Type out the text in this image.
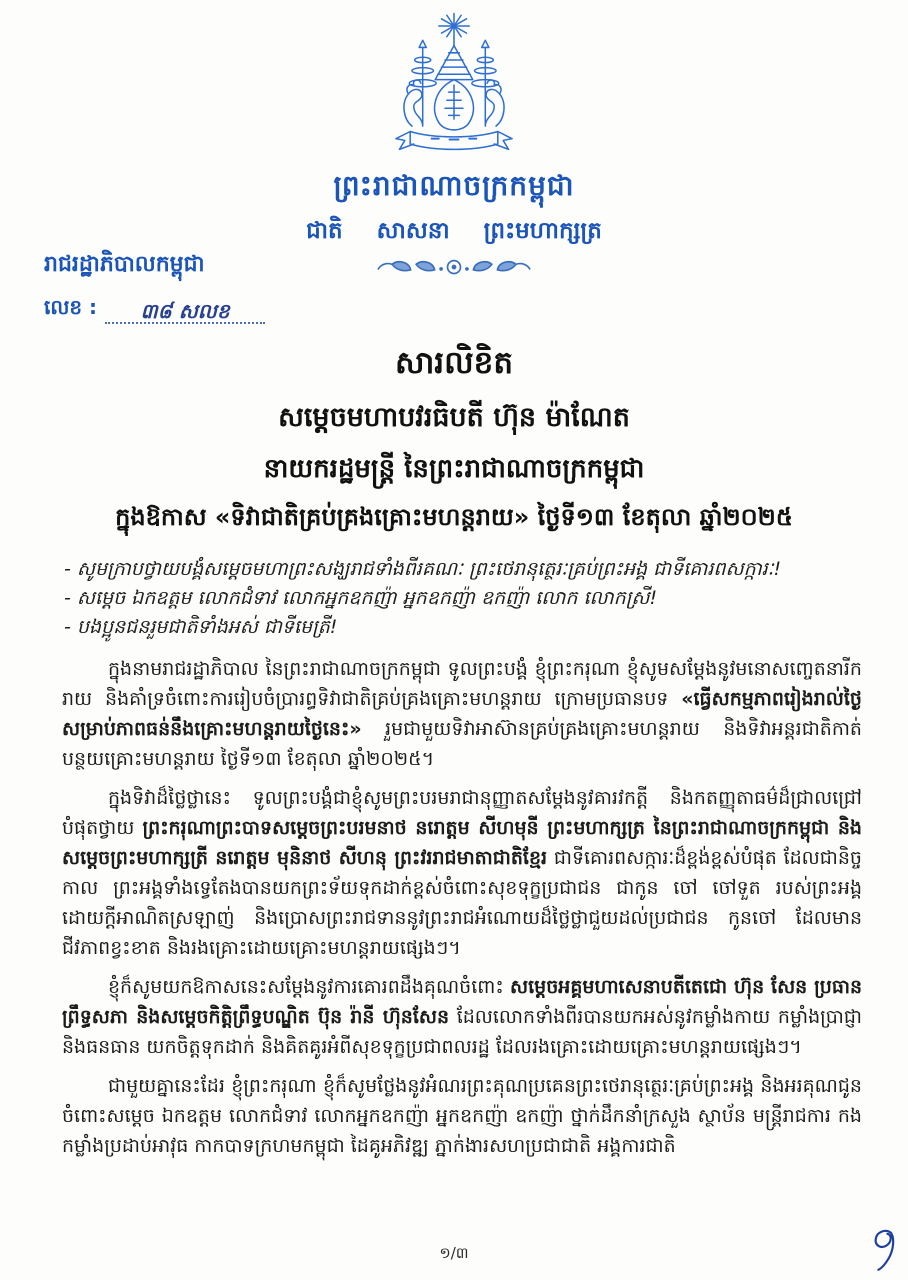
ព្រះរាជាណាចក្រកម្ពុជា
ជាតិ សាសនា ព្រះមហាក្សត្រ
រាជរដ្ឋាភិបាលកម្ពុជា
លេខ :	៣៨ សលខ
សារលិខិត
សម្តេចមហាបវរធិបតី ហ៊ុន ម៉ាណែត
នាយករដ្ឋមន្ត្រី នៃព្រះរាជាណាចក្រកម្ពុជា
ក្នុងឱកាស «ទិវាជាតិគ្រប់គ្រងគ្រោះមហន្តរាយ» ថ្ងៃទី១៣ ខែតុលា ឆ្នាំ២០២៥
- សូមក្រាបថ្វាយបង្គំសម្តេចមហាព្រះសង្ឃរាជទាំងពីរគណៈ ព្រះថេរានុត្ថេរៈគ្រប់ព្រះអង្គ ជាទីគោរពសក្ការៈ!
- សម្តេច ឯកឧត្តម លោកជំទាវ លោកអ្នកឧកញ៉ា អ្នកឧកញ៉ា ឧកញ៉ា លោក លោកស្រី!
- បងប្អូនជនរួមជាតិទាំងអស់ ជាទីមេត្រី!

ក្នុងនាមរាជរដ្ឋាភិបាល នៃព្រះរាជាណាចក្រកម្ពុជា ទូលព្រះបង្គំ ខ្ញុំព្រះករុណា ខ្ញុំសូមសម្តែងនូវមនោសញ្ចេតនារីករាយ និងគាំទ្រចំពោះការរៀបចំប្រារព្ធទិវាជាតិគ្រប់គ្រងគ្រោះមហន្តរាយ ក្រោមប្រធានបទ «ធ្វើសកម្មភាពរៀងរាល់ថ្ងៃ សម្រាប់ភាពធន់នឹងគ្រោះមហន្តរាយថ្ងៃនេះ» រួមជាមួយទិវាអាស៊ានគ្រប់គ្រងគ្រោះមហន្តរាយ និងទិវាអន្តរជាតិកាត់បន្ថយគ្រោះមហន្តរាយ ថ្ងៃទី១៣ ខែតុលា ឆ្នាំ២០២៥។

ក្នុងទិវាដ៏ថ្លៃថ្លានេះ ទូលព្រះបង្គំជាខ្ញុំសូមព្រះបរមរាជានុញ្ញាតសម្តែងនូវគារវកត្តី និងកតញ្ញុតាធម៌ដ៏ជ្រាលជ្រៅបំផុតថ្វាយ ព្រះករុណាព្រះបាទសម្តេចព្រះបរមនាថ នរោត្តម សីហមុនី ព្រះមហាក្សត្រ នៃព្រះរាជាណាចក្រកម្ពុជា និងសម្តេចព្រះមហាក្សត្រី នរោត្តម មុនិនាថ សីហនុ ព្រះវររាជមាតាជាតិខ្មែរ ជាទីគោរពសក្ការៈដ៏ខ្ពង់ខ្ពស់បំផុត ដែលជានិច្ចកាល ព្រះអង្គទាំងទ្វេតែងបានយកព្រះទ័យទុកដាក់ខ្ពស់ចំពោះសុខទុក្ខប្រជាជន ជាកូន ចៅ ចៅទួត របស់ព្រះអង្គ ដោយក្តីអាណិតស្រឡាញ់ និងប្រោសព្រះរាជទាននូវព្រះរាជអំណោយដ៏ថ្លៃថ្លាជួយដល់ប្រជាជន កូនចៅ ដែលមានជីវភាពខ្វះខាត និងរងគ្រោះដោយគ្រោះមហន្តរាយផ្សេងៗ។

ខ្ញុំក៏សូមយកឱកាសនេះសម្តែងនូវការគោរពដឹងគុណចំពោះ សម្តេចអគ្គមហាសេនាបតីតេជោ ហ៊ុន សែន ប្រធានព្រឹទ្ធសភា និងសម្តេចកិត្តិព្រឹទ្ធបណ្ឌិត ប៊ុន រ៉ានី ហ៊ុនសែន ដែលលោកទាំងពីរបានយកអស់នូវកម្លាំងកាយ កម្លាំងប្រាជ្ញា និងធនធាន យកចិត្តទុកដាក់ និងគិតគូរអំពីសុខទុក្ខប្រជាពលរដ្ឋ ដែលរងគ្រោះដោយគ្រោះមហន្តរាយផ្សេងៗ។

ជាមួយគ្នានេះដែរ ខ្ញុំព្រះករុណា ខ្ញុំក៏សូមថ្លែងនូវអំណរព្រះគុណប្រគេនព្រះថេរានុត្ថេរៈគ្រប់ព្រះអង្គ និងអរគុណជូនចំពោះសម្តេច ឯកឧត្តម លោកជំទាវ លោកអ្នកឧកញ៉ា អ្នកឧកញ៉ា ឧកញ៉ា ថ្នាក់ដឹកនាំក្រសួង ស្ថាប័ន មន្ត្រីរាជការ កងកម្លាំងប្រដាប់អាវុធ កាកបាទក្រហមកម្ពុជា ដៃគូអភិវឌ្ឍ ភ្នាក់ងារសហប្រជាជាតិ អង្គការជាតិ

១/៣
